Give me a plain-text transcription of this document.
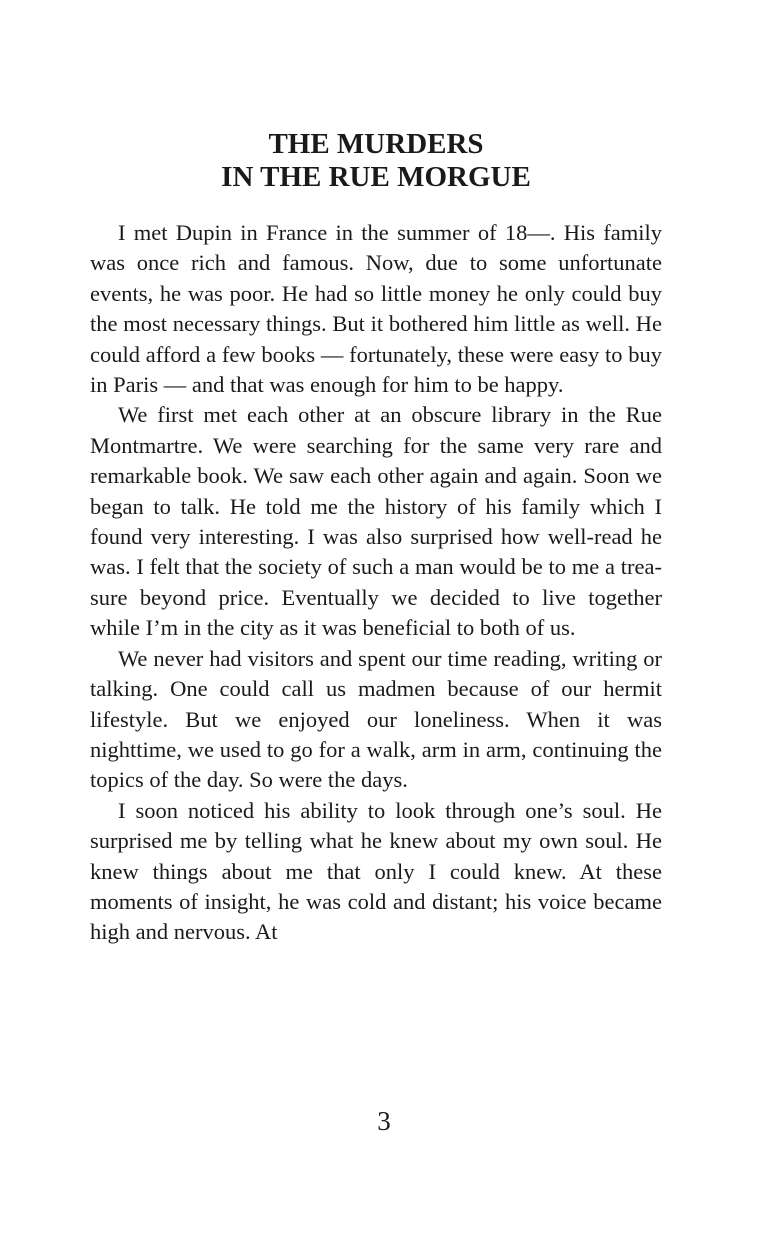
THE MURDERS
IN THE RUE MORGUE

I met Dupin in France in the summer of 18—. His family was once rich and famous. Now, due to some unfortunate events, he was poor. He had so little money he only could buy the most necessary things. But it bothered him little as well. He could afford a few books — fortunately, these were easy to buy in Paris — and that was enough for him to be happy.

We first met each other at an obscure library in the Rue Montmartre. We were searching for the same very rare and remarkable book. We saw each other again and again. Soon we began to talk. He told me the history of his family which I found very interesting. I was also surprised how well-read he was. I felt that the society of such a man would be to me a treasure beyond price. Eventually we decided to live together while I’m in the city as it was beneficial to both of us.

We never had visitors and spent our time reading, writing or talking. One could call us madmen because of our hermit lifestyle. But we enjoyed our loneliness. When it was nighttime, we used to go for a walk, arm in arm, continuing the topics of the day. So were the days.

I soon noticed his ability to look through one’s soul. He surprised me by telling what he knew about my own soul. He knew things about me that only I could knew. At these moments of insight, he was cold and distant; his voice became high and nervous. At

3
